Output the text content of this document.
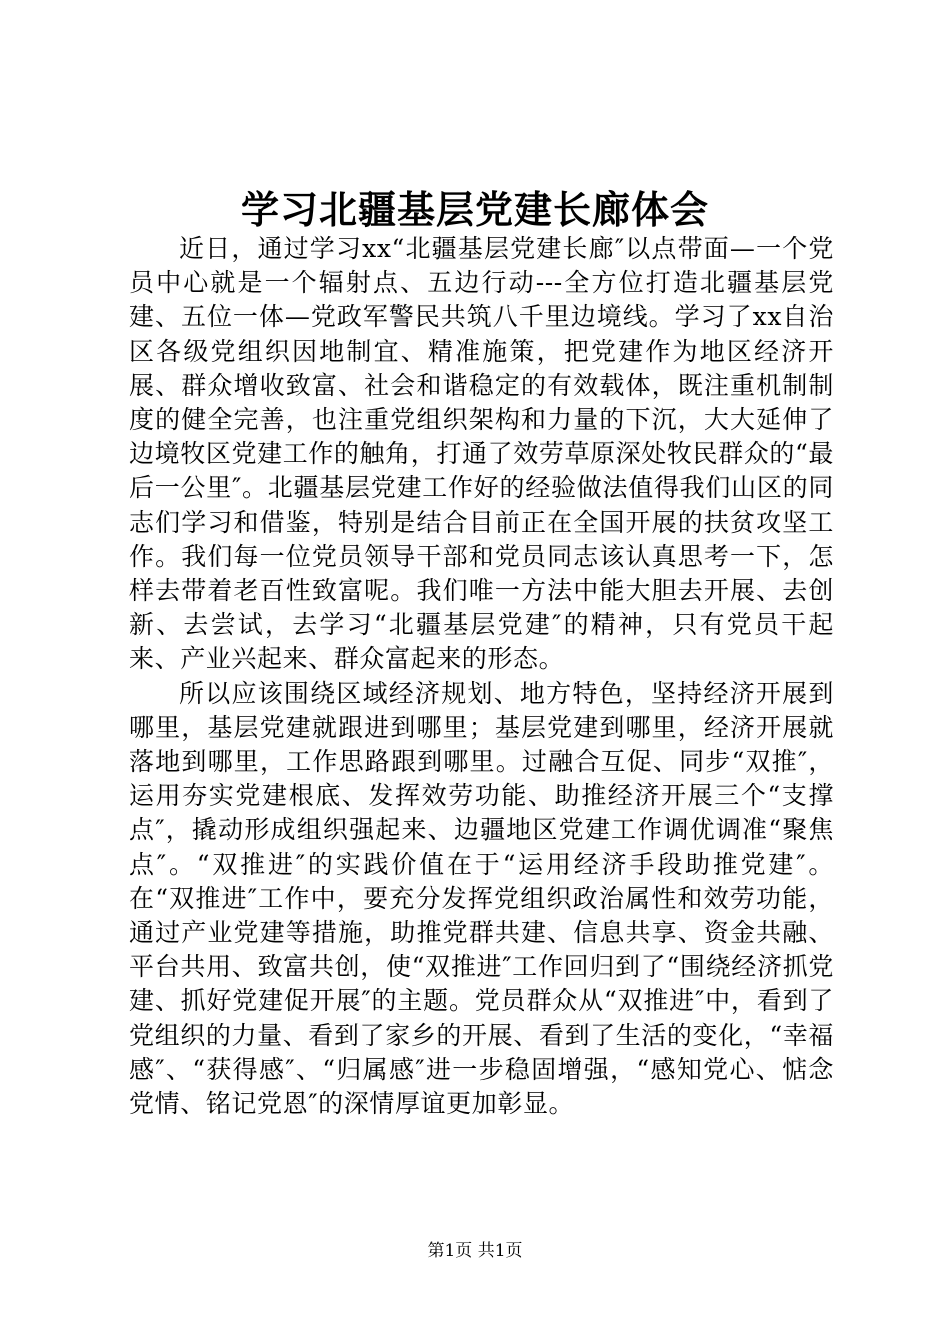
学习北疆基层党建长廊体会

近日，通过学习xx“北疆基层党建长廊″以点带面—一个党员中心就是一个辐射点、五边行动---全方位打造北疆基层党建、五位一体—党政军警民共筑八千里边境线。学习了xx自治区各级党组织因地制宜、精准施策，把党建作为地区经济开展、群众增收致富、社会和谐稳定的有效载体，既注重机制制度的健全完善，也注重党组织架构和力量的下沉，大大延伸了边境牧区党建工作的触角，打通了效劳草原深处牧民群众的“最后一公里″。北疆基层党建工作好的经验做法值得我们山区的同志们学习和借鉴，特别是结合目前正在全国开展的扶贫攻坚工作。我们每一位党员领导干部和党员同志该认真思考一下，怎样去带着老百性致富呢。我们唯一方法中能大胆去开展、去创新、去尝试，去学习“北疆基层党建″的精神，只有党员干起来、产业兴起来、群众富起来的形态。

所以应该围绕区域经济规划、地方特色，坚持经济开展到哪里，基层党建就跟进到哪里；基层党建到哪里，经济开展就落地到哪里，工作思路跟到哪里。过融合互促、同步“双推″，运用夯实党建根底、发挥效劳功能、助推经济开展三个“支撑点″，撬动形成组织强起来、边疆地区党建工作调优调准“聚焦点″。“双推进″的实践价值在于“运用经济手段助推党建″。在“双推进″工作中，要充分发挥党组织政治属性和效劳功能，通过产业党建等措施，助推党群共建、信息共享、资金共融、平台共用、致富共创，使“双推进″工作回归到了“围绕经济抓党建、抓好党建促开展″的主题。党员群众从“双推进″中，看到了党组织的力量、看到了家乡的开展、看到了生活的变化，“幸福感″、“获得感″、“归属感″进一步稳固增强，“感知党心、惦念党情、铭记党恩″的深情厚谊更加彰显。

第1页 共1页
